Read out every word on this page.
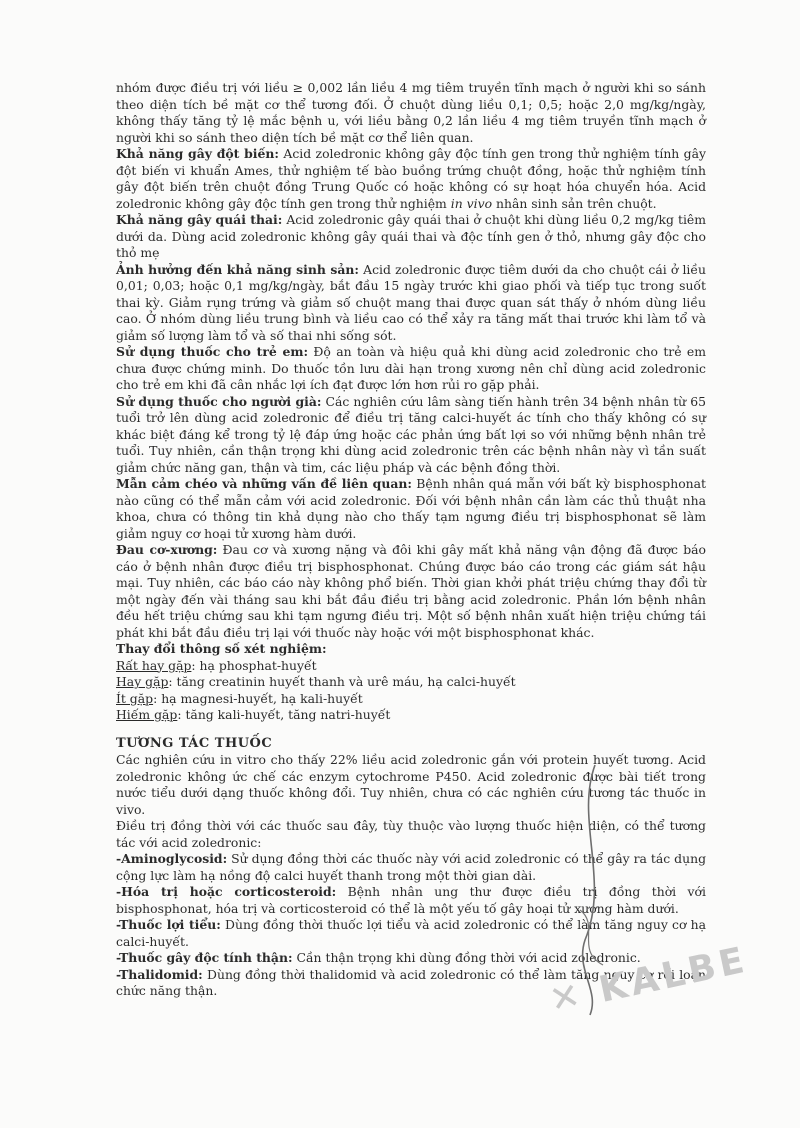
nhóm được điều trị với liều ≥ 0,002 lần liều 4 mg tiêm truyền tĩnh mạch ở người khi so sánh theo diện tích bề mặt cơ thể tương đối. Ở chuột dùng liều 0,1; 0,5; hoặc 2,0 mg/kg/ngày, không thấy tăng tỷ lệ mắc bệnh u, với liều bằng 0,2 lần liều 4 mg tiêm truyền tĩnh mạch ở người khi so sánh theo diện tích bề mặt cơ thể liên quan.

Khả năng gây đột biến: Acid zoledronic không gây độc tính gen trong thử nghiệm tính gây đột biến vi khuẩn Ames, thử nghiệm tế bào buồng trứng chuột đồng, hoặc thử nghiệm tính gây đột biến trên chuột đồng Trung Quốc có hoặc không có sự hoạt hóa chuyển hóa. Acid zoledronic không gây độc tính gen trong thử nghiệm in vivo nhân sinh sản trên chuột.

Khả năng gây quái thai: Acid zoledronic gây quái thai ở chuột khi dùng liều 0,2 mg/kg tiêm dưới da. Dùng acid zoledronic không gây quái thai và độc tính gen ở thỏ, nhưng gây độc cho thỏ mẹ

Ảnh hưởng đến khả năng sinh sản: Acid zoledronic được tiêm dưới da cho chuột cái ở liều 0,01; 0,03; hoặc 0,1 mg/kg/ngày, bắt đầu 15 ngày trước khi giao phối và tiếp tục trong suốt thai kỳ. Giảm rụng trứng và giảm số chuột mang thai được quan sát thấy ở nhóm dùng liều cao. Ở nhóm dùng liều trung bình và liều cao có thể xảy ra tăng mất thai trước khi làm tổ và giảm số lượng làm tổ và số thai nhi sống sót.

Sử dụng thuốc cho trẻ em: Độ an toàn và hiệu quả khi dùng acid zoledronic cho trẻ em chưa được chứng minh. Do thuốc tồn lưu dài hạn trong xương nên chỉ dùng acid zoledronic cho trẻ em khi đã cân nhắc lợi ích đạt được lớn hơn rủi ro gặp phải.

Sử dụng thuốc cho người già: Các nghiên cứu lâm sàng tiến hành trên 34 bệnh nhân từ 65 tuổi trở lên dùng acid zoledronic để điều trị tăng calci-huyết ác tính cho thấy không có sự khác biệt đáng kể trong tỷ lệ đáp ứng hoặc các phản ứng bất lợi so với những bệnh nhân trẻ tuổi. Tuy nhiên, cần thận trọng khi dùng acid zoledronic trên các bệnh nhân này vì tần suất giảm chức năng gan, thận và tim, các liệu pháp và các bệnh đồng thời.

Mẫn cảm chéo và những vấn đề liên quan: Bệnh nhân quá mẫn với bất kỳ bisphosphonat nào cũng có thể mẫn cảm với acid zoledronic. Đối với bệnh nhân cần làm các thủ thuật nha khoa, chưa có thông tin khả dụng nào cho thấy tạm ngưng điều trị bisphosphonat sẽ làm giảm nguy cơ hoại tử xương hàm dưới.

Đau cơ-xương: Đau cơ và xương nặng và đôi khi gây mất khả năng vận động đã được báo cáo ở bệnh nhân được điều trị bisphosphonat. Chúng được báo cáo trong các giám sát hậu mại. Tuy nhiên, các báo cáo này không phổ biến. Thời gian khởi phát triệu chứng thay đổi từ một ngày đến vài tháng sau khi bắt đầu điều trị bằng acid zoledronic. Phần lớn bệnh nhân đều hết triệu chứng sau khi tạm ngưng điều trị. Một số bệnh nhân xuất hiện triệu chứng tái phát khi bắt đầu điều trị lại với thuốc này hoặc với một bisphosphonat khác.

Thay đổi thông số xét nghiệm:

Rất hay gặp: hạ phosphat-huyết

Hay gặp: tăng creatinin huyết thanh và urê máu, hạ calci-huyết

Ít gặp: hạ magnesi-huyết, hạ kali-huyết

Hiếm gặp: tăng kali-huyết, tăng natri-huyết

TƯƠNG TÁC THUỐC

Các nghiên cứu in vitro cho thấy 22% liều acid zoledronic gắn với protein huyết tương. Acid zoledronic không ức chế các enzym cytochrome P450. Acid zoledronic được bài tiết trong nước tiểu dưới dạng thuốc không đổi. Tuy nhiên, chưa có các nghiên cứu tương tác thuốc in vivo.

Điều trị đồng thời với các thuốc sau đây, tùy thuộc vào lượng thuốc hiện diện, có thể tương tác với acid zoledronic:

-Aminoglycosid: Sử dụng đồng thời các thuốc này với acid zoledronic có thể gây ra tác dụng cộng lực làm hạ nồng độ calci huyết thanh trong một thời gian dài.

-Hóa trị hoặc corticosteroid: Bệnh nhân ung thư được điều trị đồng thời với bisphosphonat, hóa trị và corticosteroid có thể là một yếu tố gây hoại tử xương hàm dưới.

-Thuốc lợi tiểu: Dùng đồng thời thuốc lợi tiểu và acid zoledronic có thể làm tăng nguy cơ hạ calci-huyết.

-Thuốc gây độc tính thận: Cần thận trọng khi dùng đồng thời với acid zoledronic.

-Thalidomid: Dùng đồng thời thalidomid và acid zoledronic có thể làm tăng nguy cơ rối loạn chức năng thận.	✕ KALBE
